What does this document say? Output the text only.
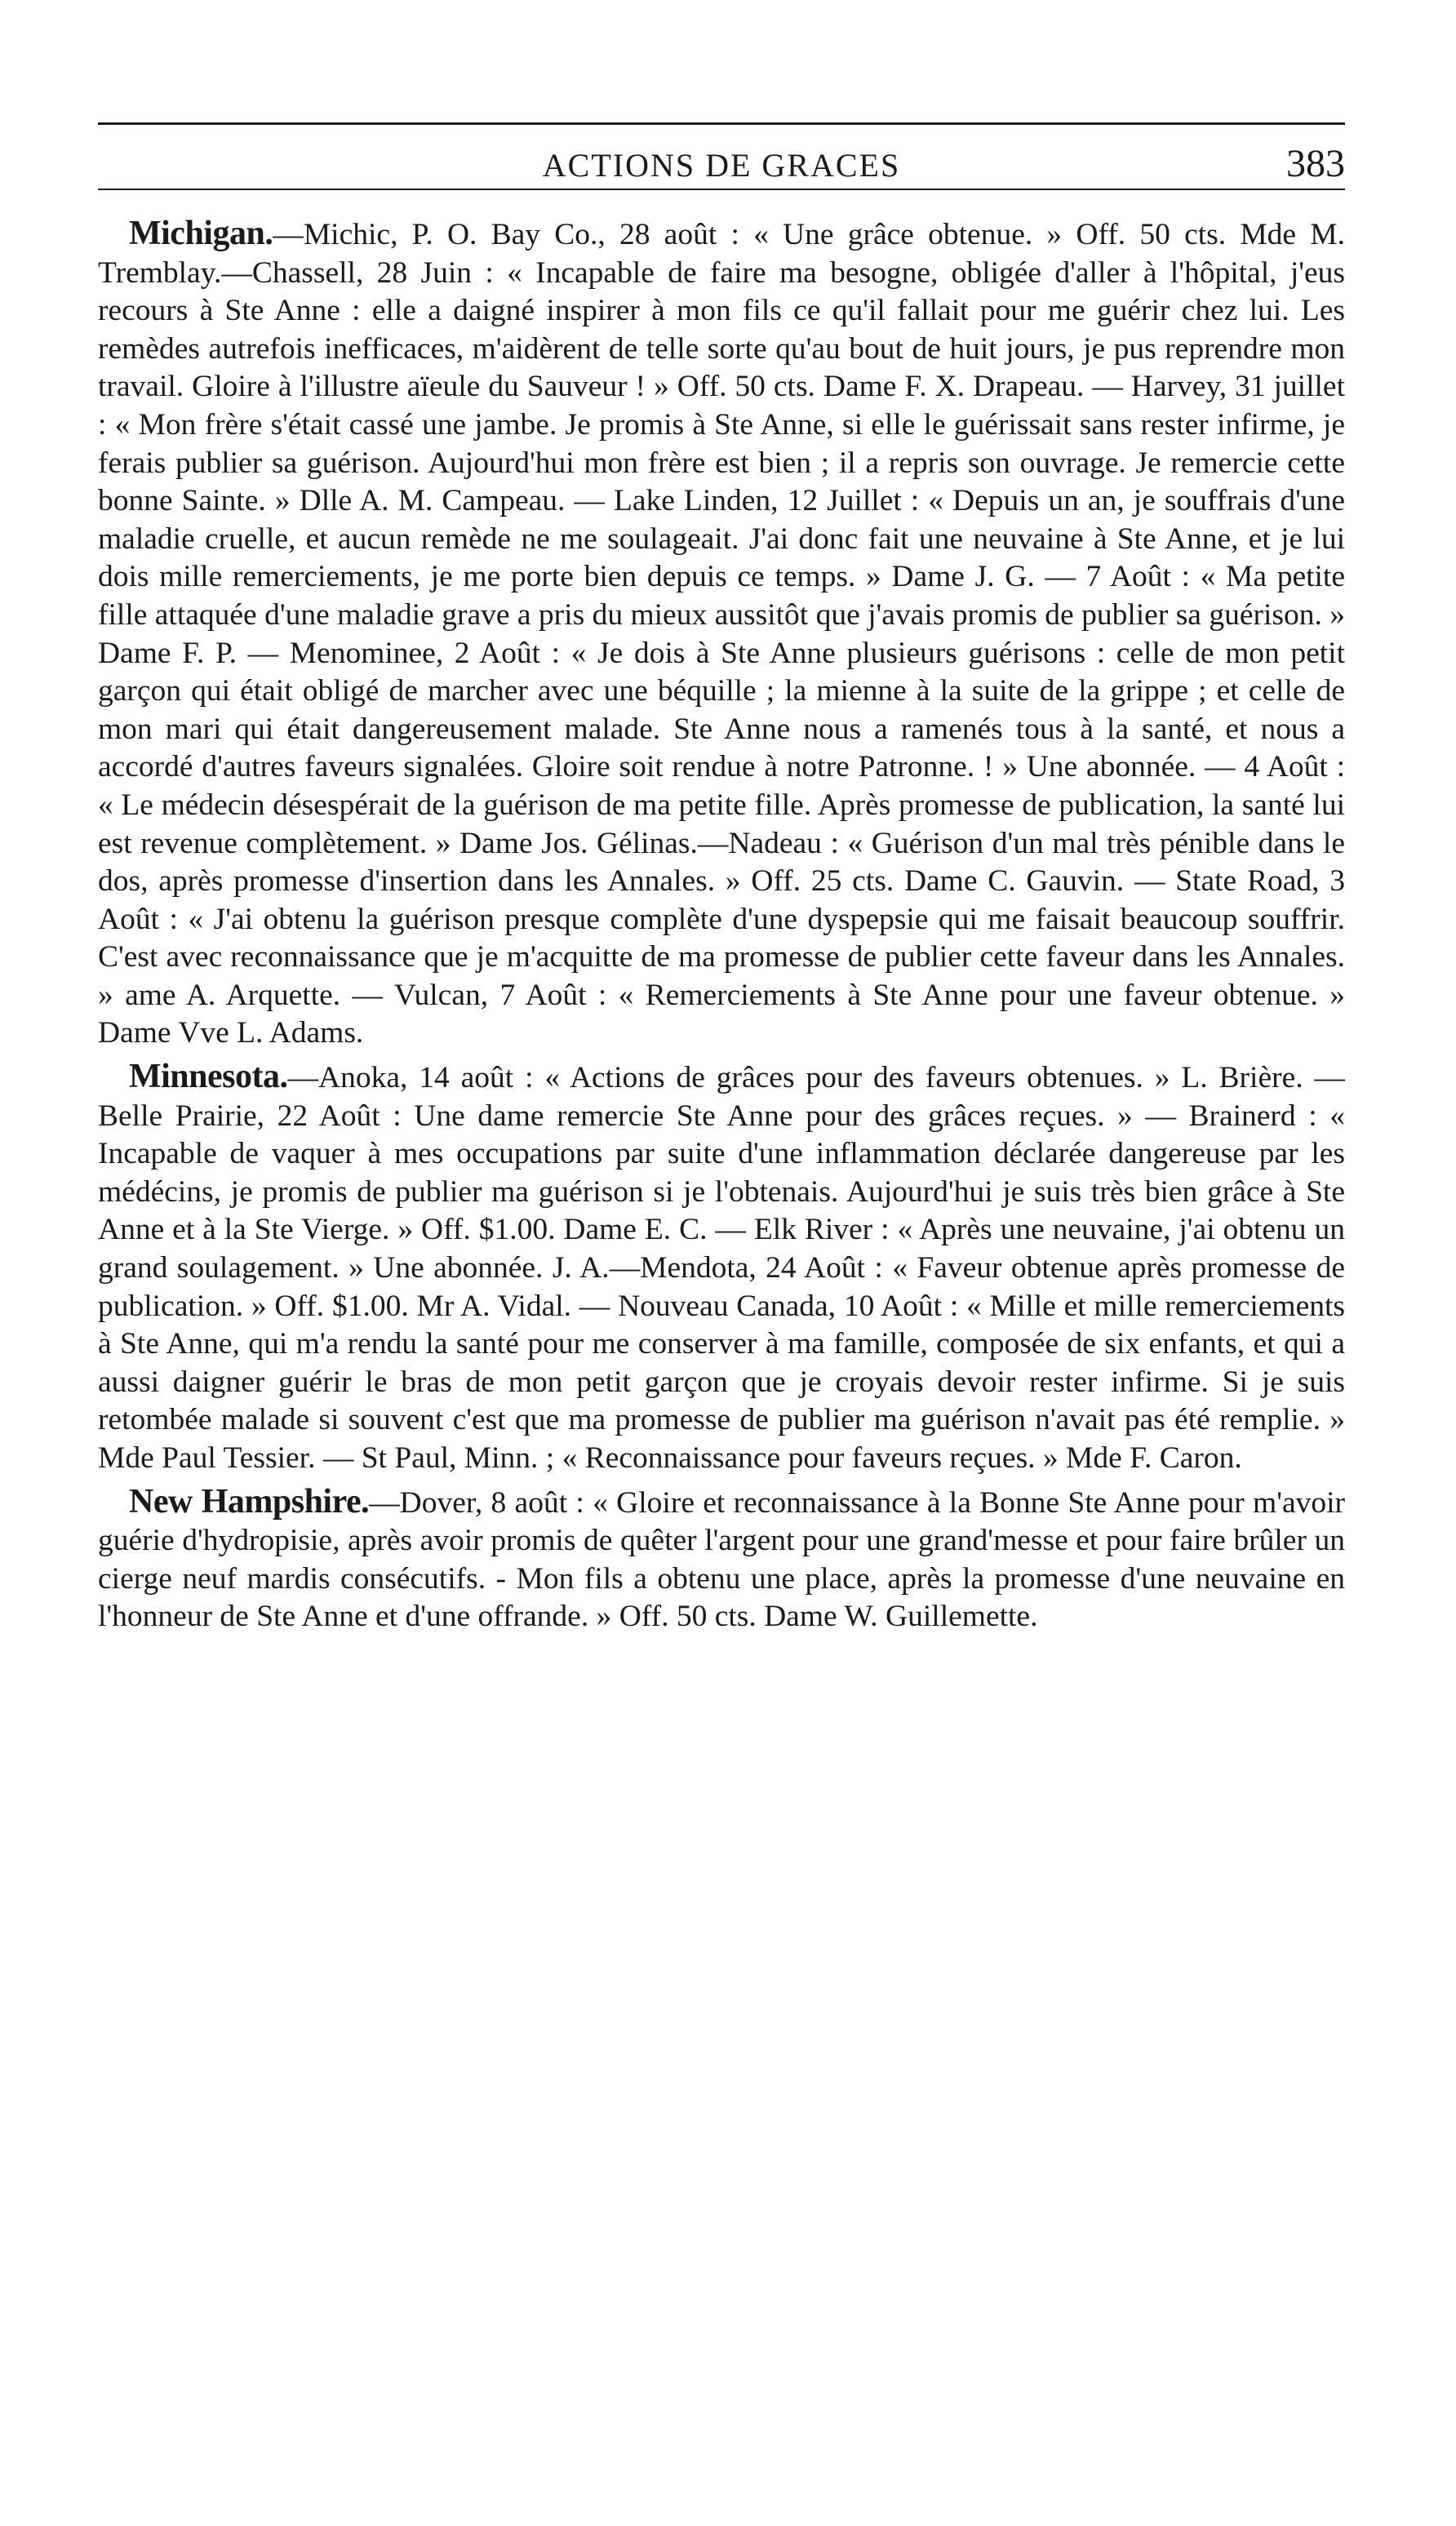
ACTIONS DE GRACES	383

Michigan.—Michic, P. O. Bay Co., 28 août : « Une grâce obtenue. » Off. 50 cts. Mde M. Tremblay.—Chassell, 28 Juin : « Incapable de faire ma besogne, obligée d'aller à l'hôpital, j'eus recours à Ste Anne : elle a daigné inspirer à mon fils ce qu'il fallait pour me guérir chez lui. Les remèdes autrefois inefficaces, m'aidèrent de telle sorte qu'au bout de huit jours, je pus reprendre mon travail. Gloire à l'illustre aïeule du Sauveur ! » Off. 50 cts. Dame F. X. Drapeau. — Harvey, 31 juillet : « Mon frère s'était cassé une jambe. Je promis à Ste Anne, si elle le guérissait sans rester infirme, je ferais publier sa guérison. Aujourd'hui mon frère est bien ; il a repris son ouvrage. Je remercie cette bonne Sainte. » Dlle A. M. Campeau. — Lake Linden, 12 Juillet : « Depuis un an, je souffrais d'une maladie cruelle, et aucun remède ne me soulageait. J'ai donc fait une neuvaine à Ste Anne, et je lui dois mille remerciements, je me porte bien depuis ce temps. » Dame J. G. — 7 Août : « Ma petite fille attaquée d'une maladie grave a pris du mieux aussitôt que j'avais promis de publier sa guérison. » Dame F. P. — Menominee, 2 Août : « Je dois à Ste Anne plusieurs guérisons : celle de mon petit garçon qui était obligé de marcher avec une béquille ; la mienne à la suite de la grippe ; et celle de mon mari qui était dangereusement malade. Ste Anne nous a ramenés tous à la santé, et nous a accordé d'autres faveurs signalées. Gloire soit rendue à notre Patronne. ! » Une abonnée. — 4 Août : « Le médecin désespérait de la guérison de ma petite fille. Après promesse de publication, la santé lui est revenue complètement. » Dame Jos. Gélinas.—Nadeau : « Guérison d'un mal très pénible dans le dos, après promesse d'insertion dans les Annales. » Off. 25 cts. Dame C. Gauvin. — State Road, 3 Août : « J'ai obtenu la guérison presque complète d'une dyspepsie qui me faisait beaucoup souffrir. C'est avec reconnaissance que je m'acquitte de ma promesse de publier cette faveur dans les Annales. » ame A. Arquette. — Vulcan, 7 Août : « Remerciements à Ste Anne pour une faveur obtenue. » Dame Vve L. Adams.

Minnesota.—Anoka, 14 août : « Actions de grâces pour des faveurs obtenues. » L. Brière. — Belle Prairie, 22 Août : Une dame remercie Ste Anne pour des grâces reçues. » — Brainerd : « Incapable de vaquer à mes occupations par suite d'une inflammation déclarée dangereuse par les médécins, je promis de publier ma guérison si je l'obtenais. Aujourd'hui je suis très bien grâce à Ste Anne et à la Ste Vierge. » Off. $1.00. Dame E. C. — Elk River : « Après une neuvaine, j'ai obtenu un grand soulagement. » Une abonnée. J. A.—Mendota, 24 Août : « Faveur obtenue après promesse de publication. » Off. $1.00. Mr A. Vidal. — Nouveau Canada, 10 Août : « Mille et mille remerciements à Ste Anne, qui m'a rendu la santé pour me conserver à ma famille, composée de six enfants, et qui a aussi daigner guérir le bras de mon petit garçon que je croyais devoir rester infirme. Si je suis retombée malade si souvent c'est que ma promesse de publier ma guérison n'avait pas été remplie. » Mde Paul Tessier. — St Paul, Minn. ; « Reconnaissance pour faveurs reçues. » Mde F. Caron.

New Hampshire.—Dover, 8 août : « Gloire et reconnaissance à la Bonne Ste Anne pour m'avoir guérie d'hydropisie, après avoir promis de quêter l'argent pour une grand'messe et pour faire brûler un cierge neuf mardis consécutifs. - Mon fils a obtenu une place, après la promesse d'une neuvaine en l'honneur de Ste Anne et d'une offrande. » Off. 50 cts. Dame W. Guillemette.
